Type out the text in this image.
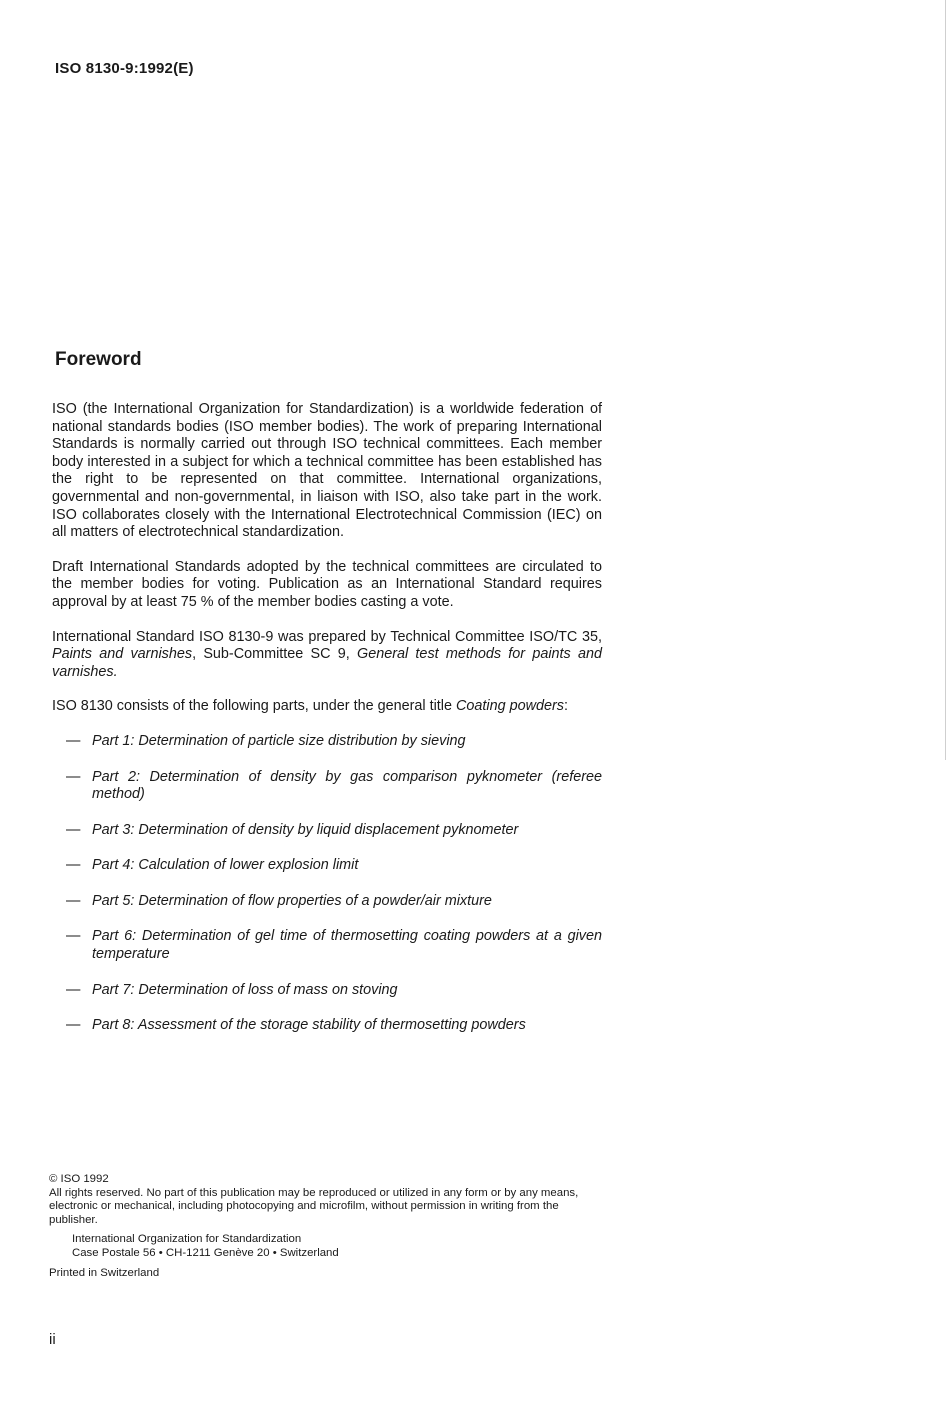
ISO 8130-9:1992(E)
Foreword

ISO (the International Organization for Standardization) is a worldwide federation of national standards bodies (ISO member bodies). The work of preparing International Standards is normally carried out through ISO technical committees. Each member body interested in a subject for which a technical committee has been established has the right to be represented on that committee. International organizations, governmental and non-governmental, in liaison with ISO, also take part in the work. ISO collaborates closely with the International Electrotechnical Commission (IEC) on all matters of electrotechnical standardization.

Draft International Standards adopted by the technical committees are circulated to the member bodies for voting. Publication as an International Standard requires approval by at least 75 % of the member bodies casting a vote.

International Standard ISO 8130-9 was prepared by Technical Committee ISO/TC 35, Paints and varnishes, Sub-Committee SC 9, General test methods for paints and varnishes.

ISO 8130 consists of the following parts, under the general title Coating powders:

— Part 1: Determination of particle size distribution by sieving
— Part 2: Determination of density by gas comparison pyknometer (referee method)
— Part 3: Determination of density by liquid displacement pyknometer
— Part 4: Calculation of lower explosion limit
— Part 5: Determination of flow properties of a powder/air mixture
— Part 6: Determination of gel time of thermosetting coating powders at a given temperature
— Part 7: Determination of loss of mass on stoving
— Part 8: Assessment of the storage stability of thermosetting powders
© ISO 1992
All rights reserved. No part of this publication may be reproduced or utilized in any form or by any means, electronic or mechanical, including photocopying and microfilm, without permission in writing from the publisher.
International Organization for Standardization
Case Postale 56 • CH-1211 Genève 20 • Switzerland
Printed in Switzerland
ii
